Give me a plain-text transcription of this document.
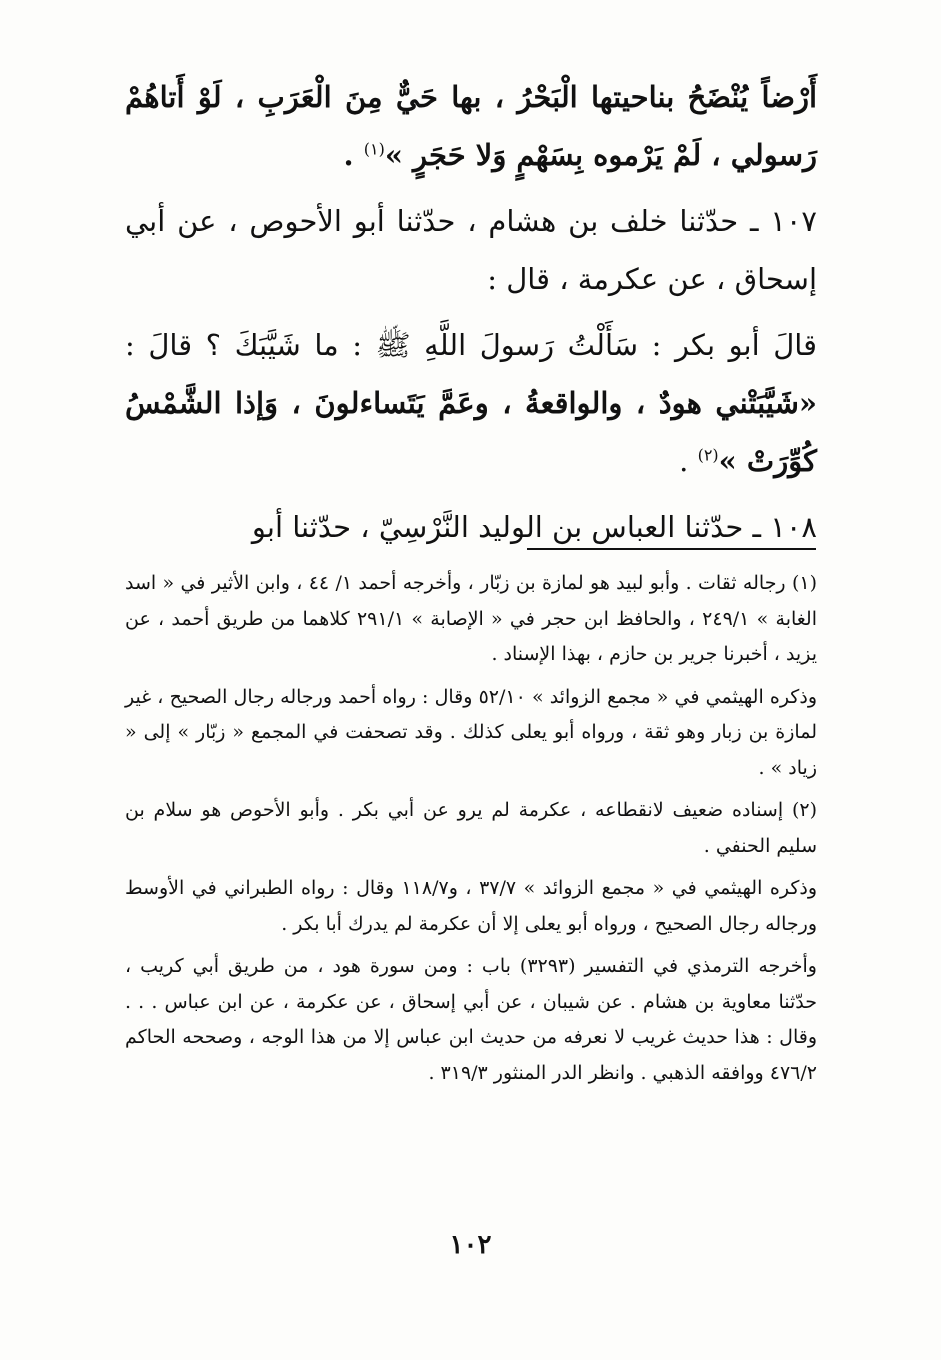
أَرْضاً يُنْضَحُ بناحيتها الْبَحْرُ ، بها حَيٌّ مِنَ الْعَرَبِ ، لَوْ أَتاهُمْ رَسولي ، لَمْ يَرْموه بِسَهْمٍ وَلا حَجَرٍ »$^{(١)}$ .

١٠٧ ـ حدّثنا خلف بن هشام ، حدّثنا أبو الأحوص ، عن أبي إسحاق ، عن عكرمة ، قال :

قالَ أبو بكر : سَأَلْتُ رَسولَ اللَّهِ ﷺ : ما شَيَّبَكَ ؟ قالَ : «شَيَّبَتْني هودٌ ، والواقعةُ ، وعَمَّ يَتَساءلونَ ، وَإذا الشَّمْسُ كُوِّرَتْ »$^{(٢)}$ .

١٠٨ ـ حدّثنا العباس بن الوليد النَّرْسِيّ ، حدّثنا أبو

(١) رجاله ثقات . وأبو لبيد هو لمازة بن زبّار ، وأخرجه أحمد ١/ ٤٤ ، وابن الأثير في « اسد الغابة » ٢٤٩/١ ، والحافظ ابن حجر في « الإصابة » ٢٩١/١ كلاهما من طريق أحمد ، عن يزيد ، أخبرنا جرير بن حازم ، بهذا الإسناد .

وذكره الهيثمي في « مجمع الزوائد » ٥٢/١٠ وقال : رواه أحمد ورجاله رجال الصحيح ، غير لمازة بن زبار وهو ثقة ، ورواه أبو يعلى كذلك . وقد تصحفت في المجمع « زبّار » إلى « زياد » .

(٢) إسناده ضعيف لانقطاعه ، عكرمة لم يرو عن أبي بكر . وأبو الأحوص هو سلام بن سليم الحنفي .

وذكره الهيثمي في « مجمع الزوائد » ٣٧/٧ ، و١١٨/٧ وقال : رواه الطبراني في الأوسط ورجاله رجال الصحيح ، ورواه أبو يعلى إلا أن عكرمة لم يدرك أبا بكر .

وأخرجه الترمذي في التفسير (٣٢٩٣) باب : ومن سورة هود ، من طريق أبي كريب ، حدّثنا معاوية بن هشام . عن شيبان ، عن أبي إسحاق ، عن عكرمة ، عن ابن عباس . . . وقال : هذا حديث غريب لا نعرفه من حديث ابن عباس إلا من هذا الوجه ، وصححه الحاكم ٤٧٦/٢ ووافقه الذهبي . وانظر الدر المنثور ٣١٩/٣ .

١٠٢
